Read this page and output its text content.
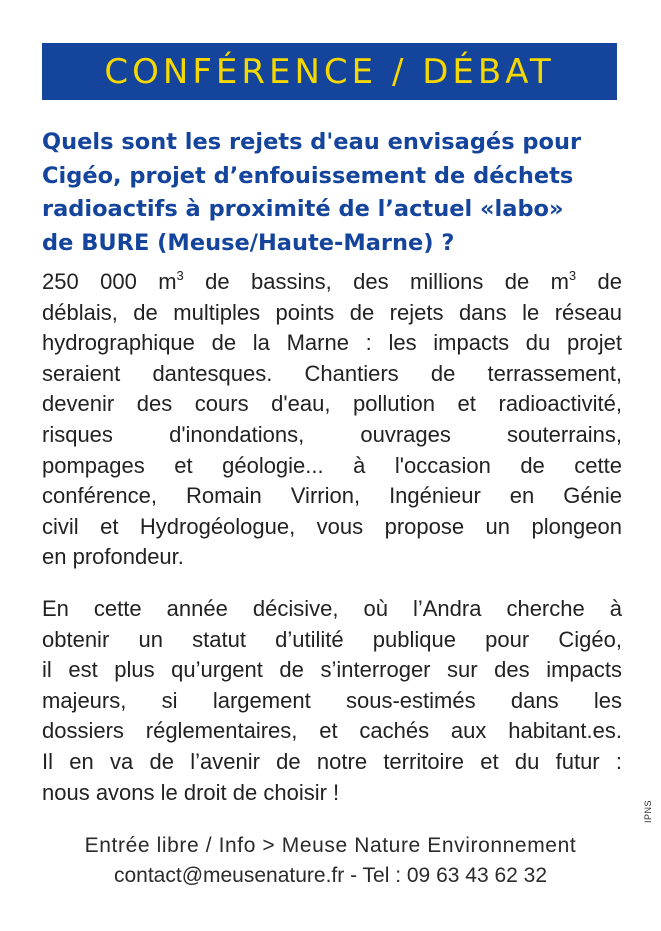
CONFÉRENCE / DÉBAT
Quels sont les rejets d'eau envisagés pour
Cigéo, projet d’enfouissement de déchets
radioactifs à proximité de l’actuel «labo»
de BURE (Meuse/Haute-Marne) ?
250 000 $m^3$ de bassins, des millions de $m^3$ de
déblais, de multiples points de rejets dans le réseau
hydrographique de la Marne : les impacts du projet
seraient dantesques. Chantiers de terrassement,
devenir des cours d'eau, pollution et radioactivité,
risques d'inondations, ouvrages souterrains,
pompages et géologie... à l'occasion de cette
conférence, Romain Virrion, Ingénieur en Génie
civil et Hydrogéologue, vous propose un plongeon
en profondeur.
En cette année décisive, où l’Andra cherche à
obtenir un statut d’utilité publique pour Cigéo,
il est plus qu’urgent de s’interroger sur des impacts
majeurs, si largement sous-estimés dans les
dossiers réglementaires, et cachés aux habitant.es.
Il en va de l’avenir de notre territoire et du futur :
nous avons le droit de choisir !
Entrée libre / Info > Meuse Nature Environnement
contact@meusenature.fr - Tel : 09 63 43 62 32
IPNS
